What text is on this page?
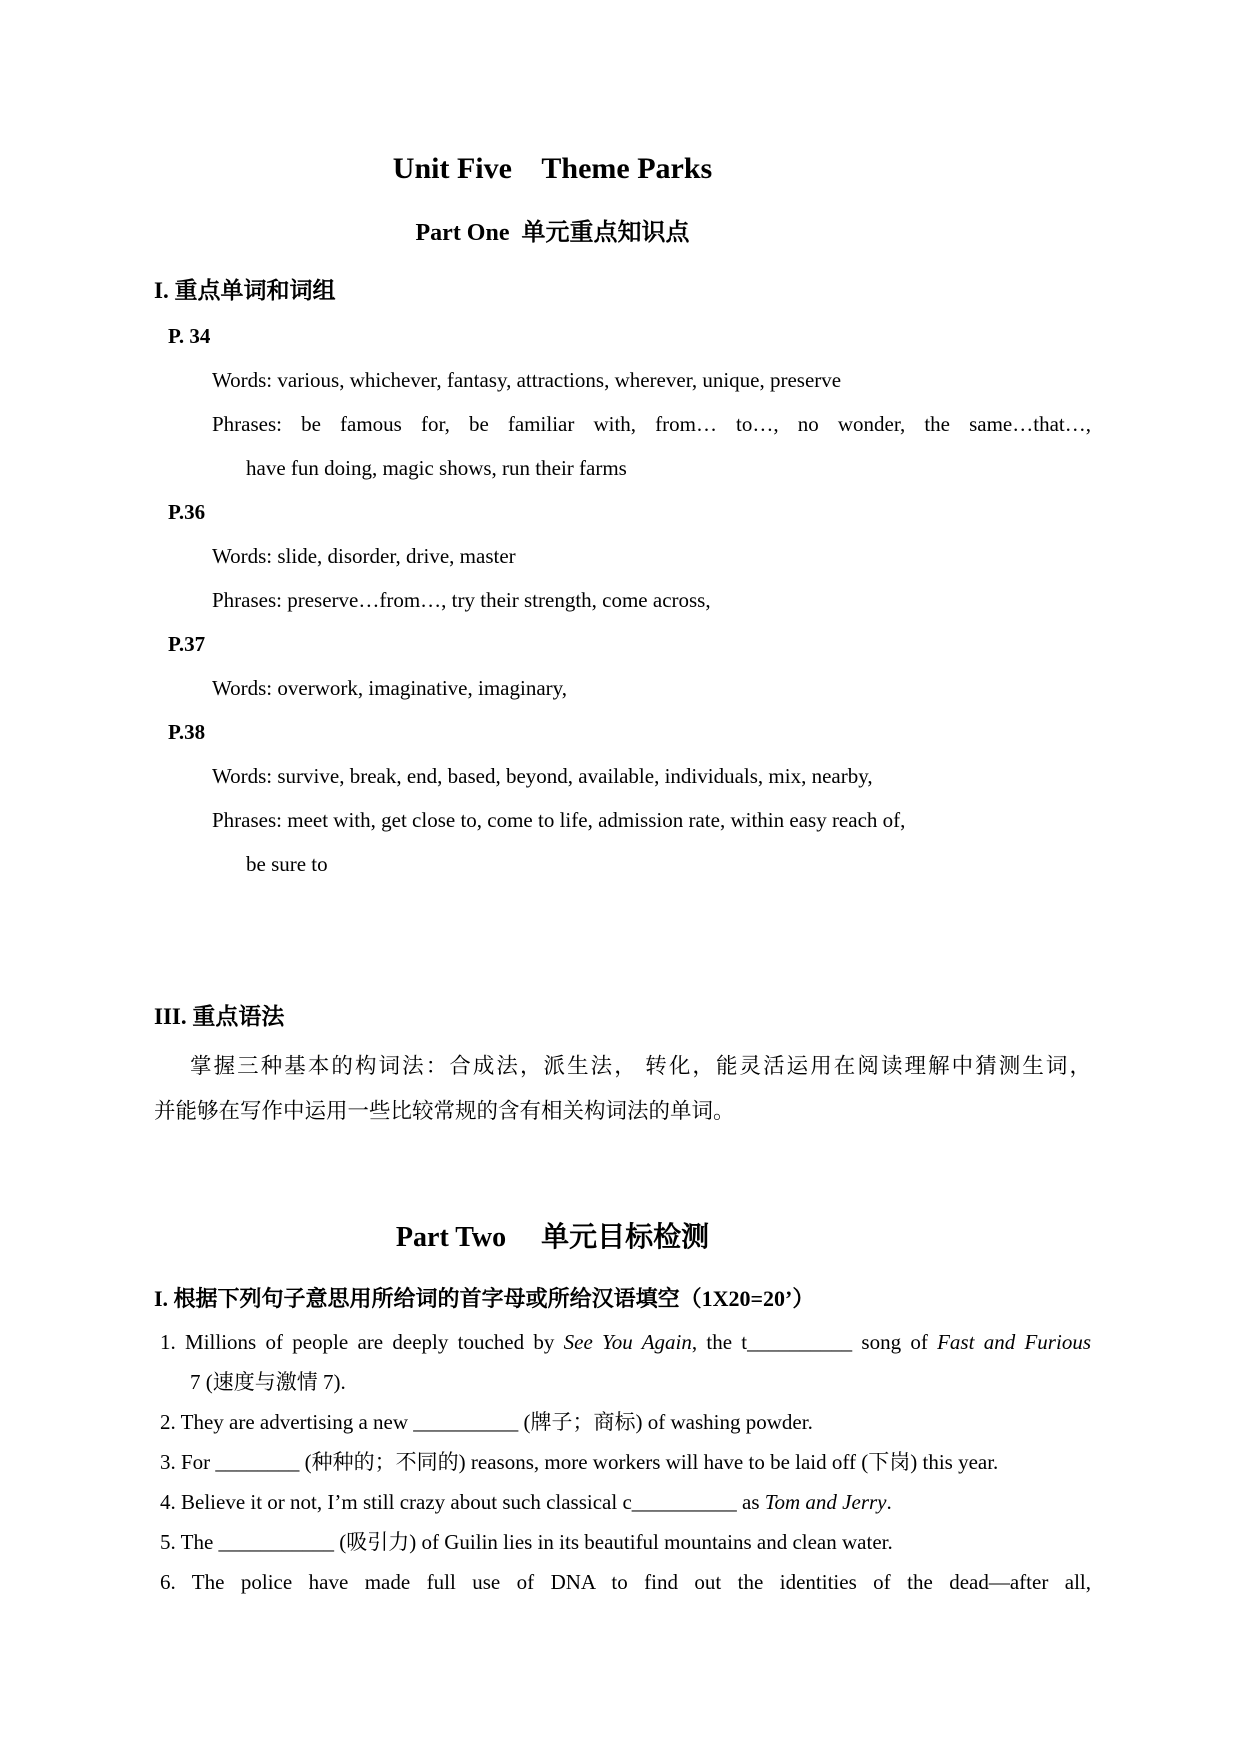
Unit Five    Theme Parks
Part One  单元重点知识点
I. 重点单词和词组
P. 34
Words: various, whichever, fantasy, attractions, wherever, unique, preserve
Phrases: be famous for, be familiar with, from… to…, no wonder, the same…that…,
have fun doing, magic shows, run their farms
P.36
Words: slide, disorder, drive, master
Phrases: preserve…from…, try their strength, come across,
P.37
Words: overwork, imaginative, imaginary,
P.38
Words: survive, break, end, based, beyond, available, individuals, mix, nearby,
Phrases: meet with, get close to, come to life, admission rate, within easy reach of,
be sure to
III. 重点语法
掌握三种基本的构词法：合成法，派生法， 转化，能灵活运用在阅读理解中猜测生词，
并能够在写作中运用一些比较常规的含有相关构词法的单词。
Part Two     单元目标检测
I. 根据下列句子意思用所给词的首字母或所给汉语填空（1X20=20’）
1. Millions of people are deeply touched by See You Again, the t__________ song of Fast and Furious
7 (速度与激情 7).
2. They are advertising a new __________ (牌子；商标) of washing powder.
3. For ________ (种种的；不同的) reasons, more workers will have to be laid off (下岗) this year.
4. Believe it or not, I’m still crazy about such classical c__________ as Tom and Jerry.
5. The ___________ (吸引力) of Guilin lies in its beautiful mountains and clean water.
6. The police have made full use of DNA to find out the identities of the dead—after all,
